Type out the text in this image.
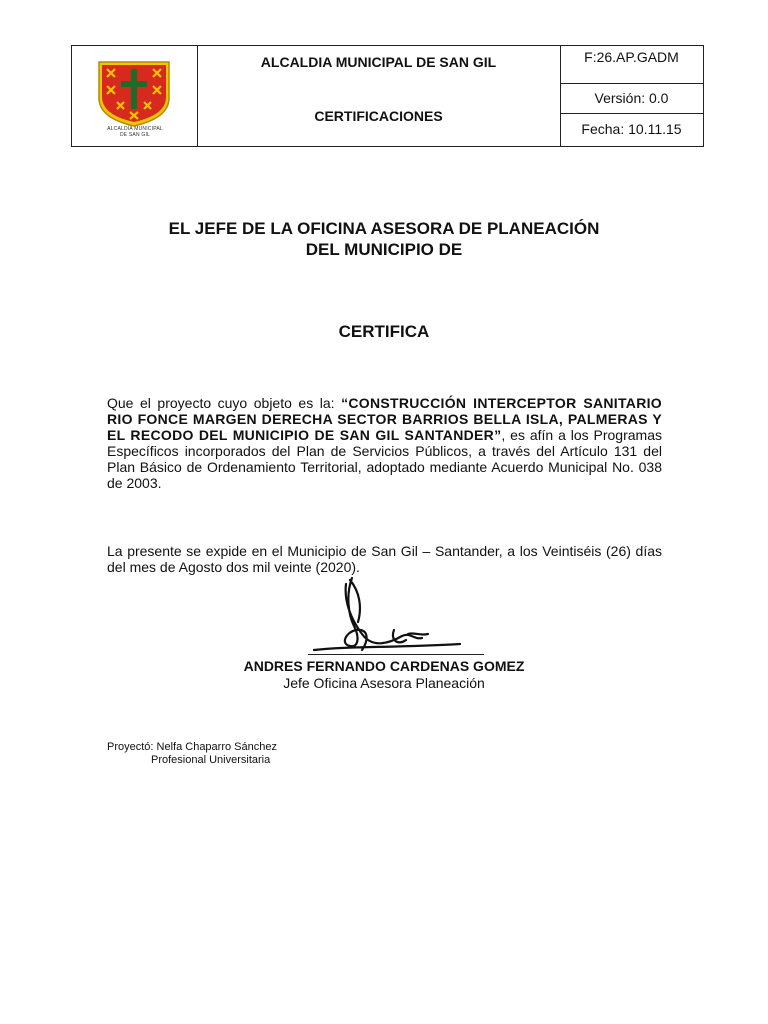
ALCALDÍA MUNICIPAL
DE SAN GIL
ALCALDIA MUNICIPAL DE SAN GIL
CERTIFICACIONES
F:26.AP.GADM
Versión: 0.0
Fecha: 10.11.15
EL JEFE DE LA OFICINA ASESORA DE PLANEACIÓN
DEL MUNICIPIO DE
CERTIFICA
Que el proyecto cuyo objeto es la: “CONSTRUCCIÓN INTERCEPTOR SANITARIO RIO FONCE MARGEN DERECHA SECTOR BARRIOS BELLA ISLA, PALMERAS Y EL RECODO DEL MUNICIPIO DE SAN GIL SANTANDER”, es afín a los Programas Específicos incorporados del Plan de Servicios Públicos, a través del Artículo 131 del Plan Básico de Ordenamiento Territorial, adoptado mediante Acuerdo Municipal No. 038 de 2003.
La presente se expide en el Municipio de San Gil – Santander, a los Veintiséis (26) días del mes de Agosto dos mil veinte (2020).
ANDRES FERNANDO CARDENAS GOMEZ
Jefe Oficina Asesora Planeación
Proyectó: Nelfa Chaparro Sánchez
Profesional Universitaria
